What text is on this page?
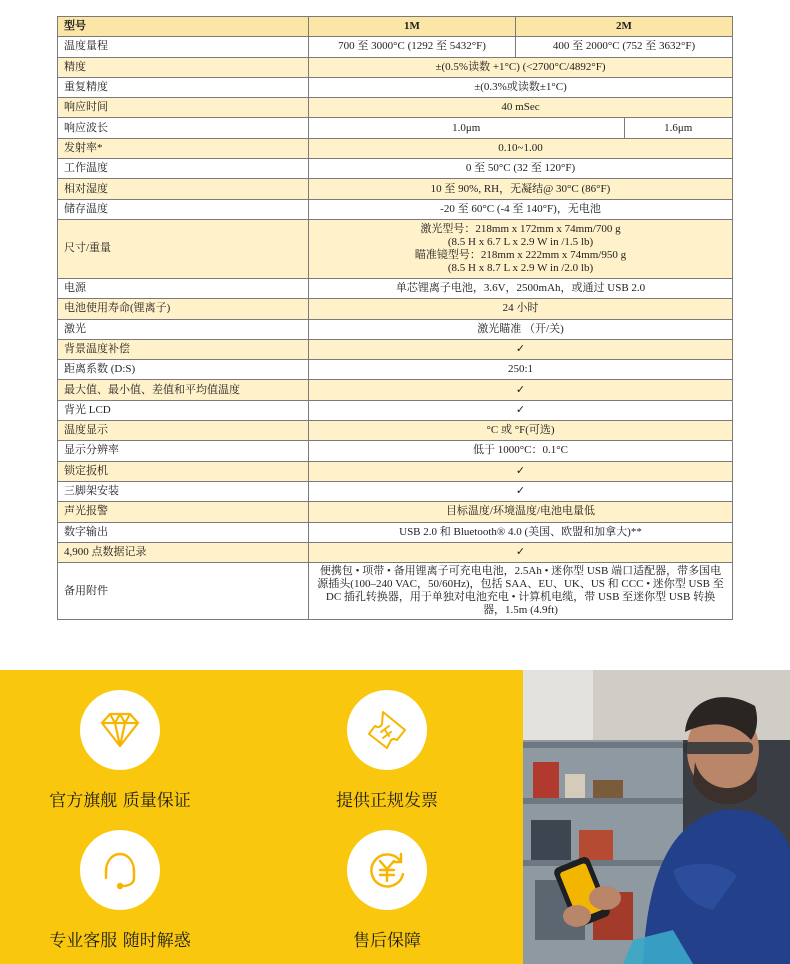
型号	1M	2M	
温度量程	700 至 3000°C (1292 至 5432°F)	400 至 2000°C (752 至 3632°F)	
精度	±(0.5%读数 +1°C) (<2700°C/4892°F)		
重复精度	±(0.3%或读数±1°C)		
响应时间	40 mSec		
响应波长	1.0μm		1.6μm
发射率*	0.10~1.00		
工作温度	0 至 50°C (32 至 120°F)		
相对湿度	10 至 90%, RH，无凝结@ 30°C (86°F)		
储存温度	-20 至 60°C (-4 至 140°F)，无电池		
尺寸/重量	激光型号：218mm x 172mm x 74mm/700 g
(8.5 H x 6.7 L x 2.9 W in /1.5 lb)
瞄准镜型号：218mm x 222mm x 74mm/950 g
(8.5 H x 8.7 L x 2.9 W in /2.0 lb)		

电源	单芯锂离子电池，3.6V，2500mAh，或通过 USB 2.0		
电池使用寿命(锂离子)	24 小时		
激光	激光瞄准 （开/关)		
背景温度补偿	✓		
距离系数 (D:S)	250:1		
最大值、最小值、差值和平均值温度	✓		
背光 LCD	✓		
温度显示	°C 或 °F(可选)		
显示分辨率	低于 1000°C：0.1°C		
锁定扳机	✓		
三脚架安装	✓		
声光报警	目标温度/环境温度/电池电量低		
数字输出	USB 2.0 和 Bluetooth® 4.0 (美国、欧盟和加拿大)**		
4,900 点数据记录	✓		
备用附件	便携包 • 项带 • 备用锂离子可充电电池，2.5Ah • 迷你型 USB 端口适配器，带多国电源插头(100–240 VAC，50/60Hz)，包括 SAA、EU、UK、US 和 CCC • 迷你型 USB 至 DC 插孔转换器，用于单独对电池充电 • 计算机电缆，带 USB 至迷你型 USB 转换器，1.5m (4.9ft)		
官方旗舰 质量保证	提供正规发票
专业客服 随时解惑	售后保障
